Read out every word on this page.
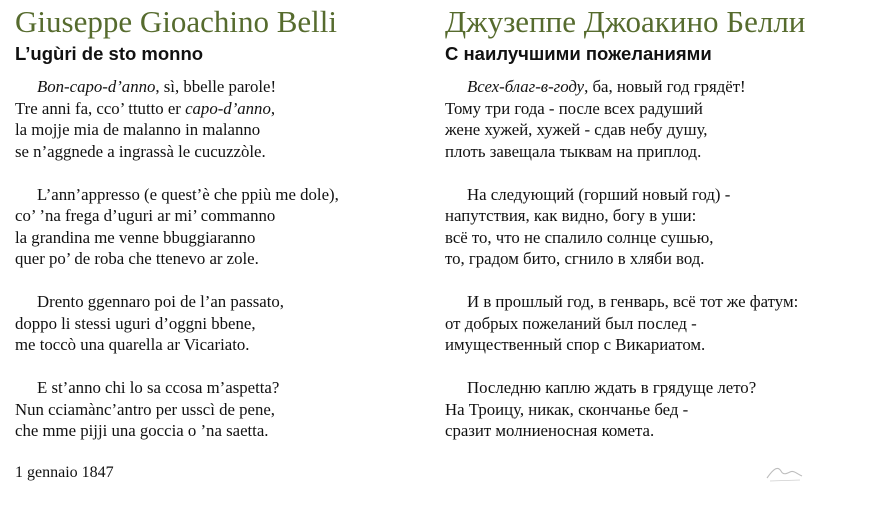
Giuseppe Gioachino Belli
L’ugùri de sto monno
Bon-capo-d’anno, sì, bbelle parole!
Tre anni fa, cco’ ttutto er capo-d’anno,
la mojje mia de malanno in malanno
se n’aggnede a ingrassà le cucuzzòle.
L’ann’appresso (e quest’è che ppiù me dole),
co’ ’na frega d’uguri ar mi’ commanno
la grandina me venne bbuggiaranno
quer po’ de roba che ttenevo ar zole.
Drento ggennaro poi de l’an passato,
doppo li stessi uguri d’oggni bbene,
me toccò una quarella ar Vicariato.
E st’anno chi lo sa ccosa m’aspetta?
Nun cciamànc’antro per usscì de pene,
che mme pijji una goccia o ’na saetta.
1 gennaio 1847
Джузеппе Джоакино Белли
С наилучшими пожеланиями
Всех-благ-в-году, ба, новый год грядёт!
Тому три года - после всех радуший
жене хужей, хужей - сдав небу душу,
плоть завещала тыквам на приплод.
На следующий (горший новый год) -
напутствия, как видно, богу в уши:
всё то, что не спалило солнце сушью,
то, градом бито, сгнило в хляби вод.
И в прошлый год, в генварь, всё тот же фатум:
от добрых пожеланий был послед -
имущественный спор с Викариатом.
Последню каплю ждать в грядуще лето?
На Троицу, никак, скончанье бед -
сразит молниеносная комета.
